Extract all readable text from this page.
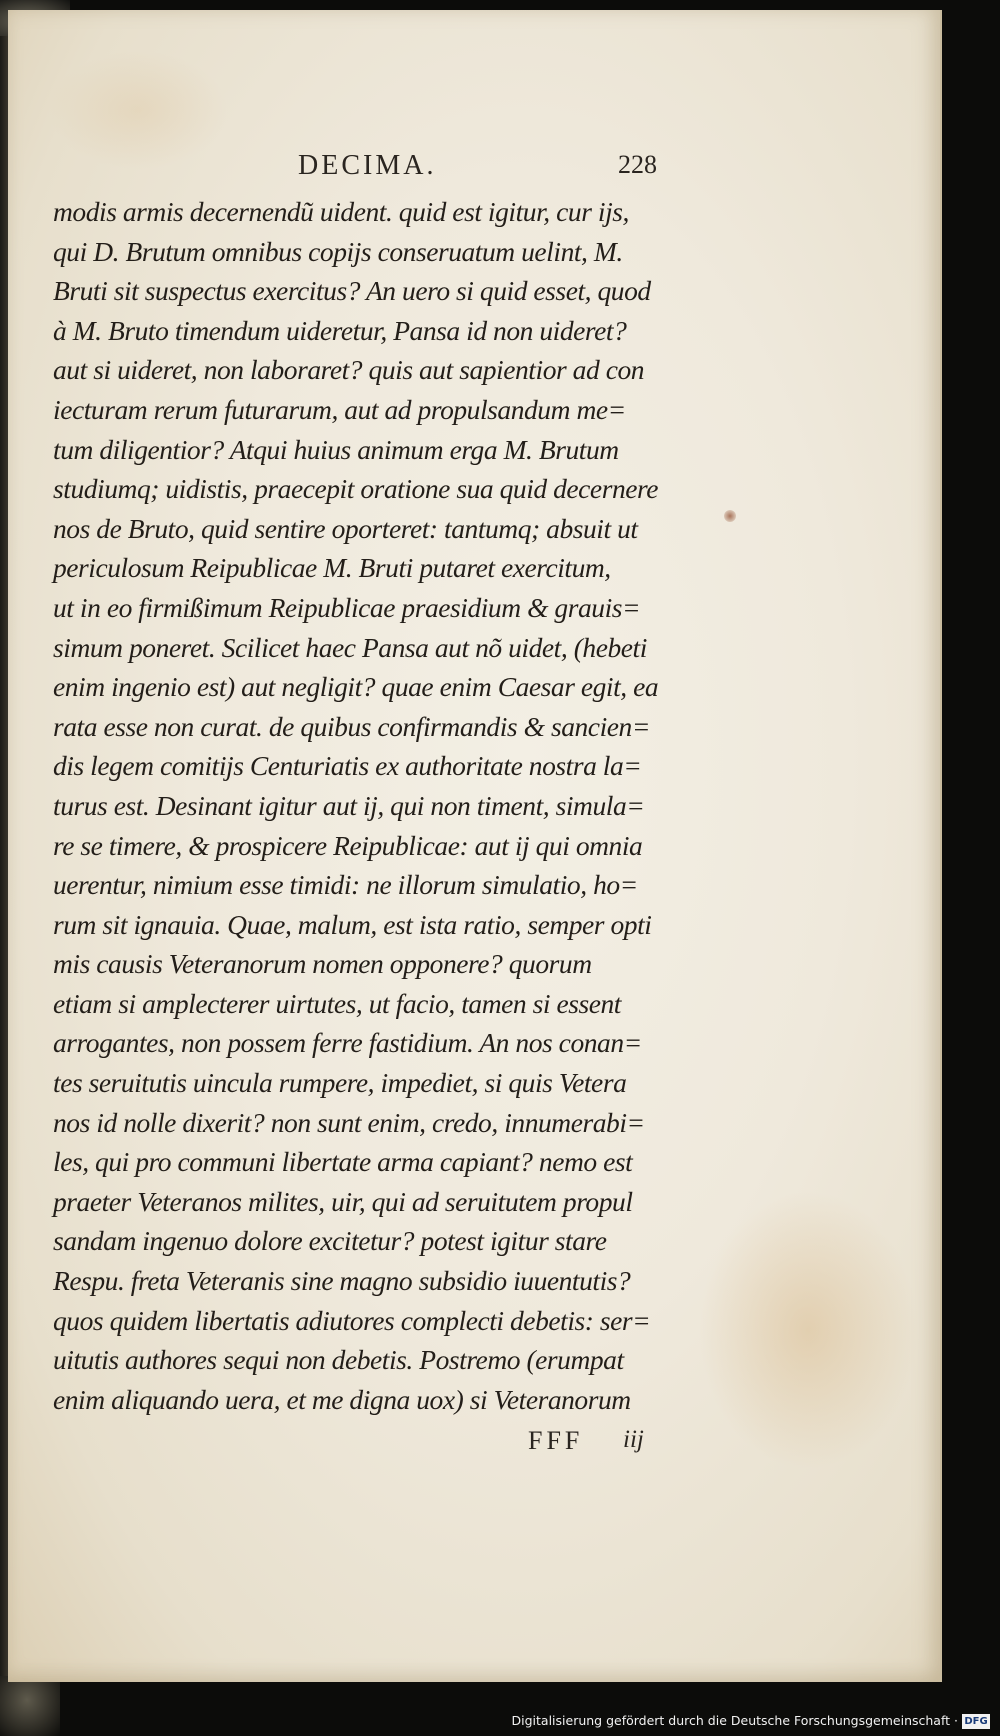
DECIMA.	228
modis armis decernendũ uident. quid est igitur, cur ijs,
qui D. Brutum omnibus copijs conseruatum uelint, M.
Bruti sit suspectus exercitus? An uero si quid esset, quod
à M. Bruto timendum uideretur, Pansa id non uideret?
aut si uideret, non laboraret? quis aut sapientior ad con
iecturam rerum futurarum, aut ad propulsandum me=
tum diligentior? Atqui huius animum erga M. Brutum
studiumq; uidistis, praecepit oratione sua quid decernere
nos de Bruto, quid sentire oporteret: tantumq; absuit ut
periculosum Reipublicae M. Bruti putaret exercitum,
ut in eo firmißimum Reipublicae praesidium & grauis=
simum poneret. Scilicet haec Pansa aut nõ uidet, (hebeti
enim ingenio est) aut negligit? quae enim Caesar egit, ea
rata esse non curat. de quibus confirmandis & sancien=
dis legem comitijs Centuriatis ex authoritate nostra la=
turus est. Desinant igitur aut ij, qui non timent, simula=
re se timere, & prospicere Reipublicae: aut ij qui omnia
uerentur, nimium esse timidi: ne illorum simulatio, ho=
rum sit ignauia. Quae, malum, est ista ratio, semper opti
mis causis Veteranorum nomen opponere? quorum
etiam si amplecterer uirtutes, ut facio, tamen si essent
arrogantes, non possem ferre fastidium. An nos conan=
tes seruitutis uincula rumpere, impediet, si quis Vetera
nos id nolle dixerit? non sunt enim, credo, innumerabi=
les, qui pro communi libertate arma capiant? nemo est
praeter Veteranos milites, uir, qui ad seruitutem propul
sandam ingenuo dolore excitetur? potest igitur stare
Respu. freta Veteranis sine magno subsidio iuuentutis?
quos quidem libertatis adiutores complecti debetis: ser=
uitutis authores sequi non debetis. Postremo (erumpat
enim aliquando uera, et me digna uox) si Veteranorum
FFF iij
Digitalisierung gefördert durch die Deutsche Forschungsgemeinschaft · DFG
